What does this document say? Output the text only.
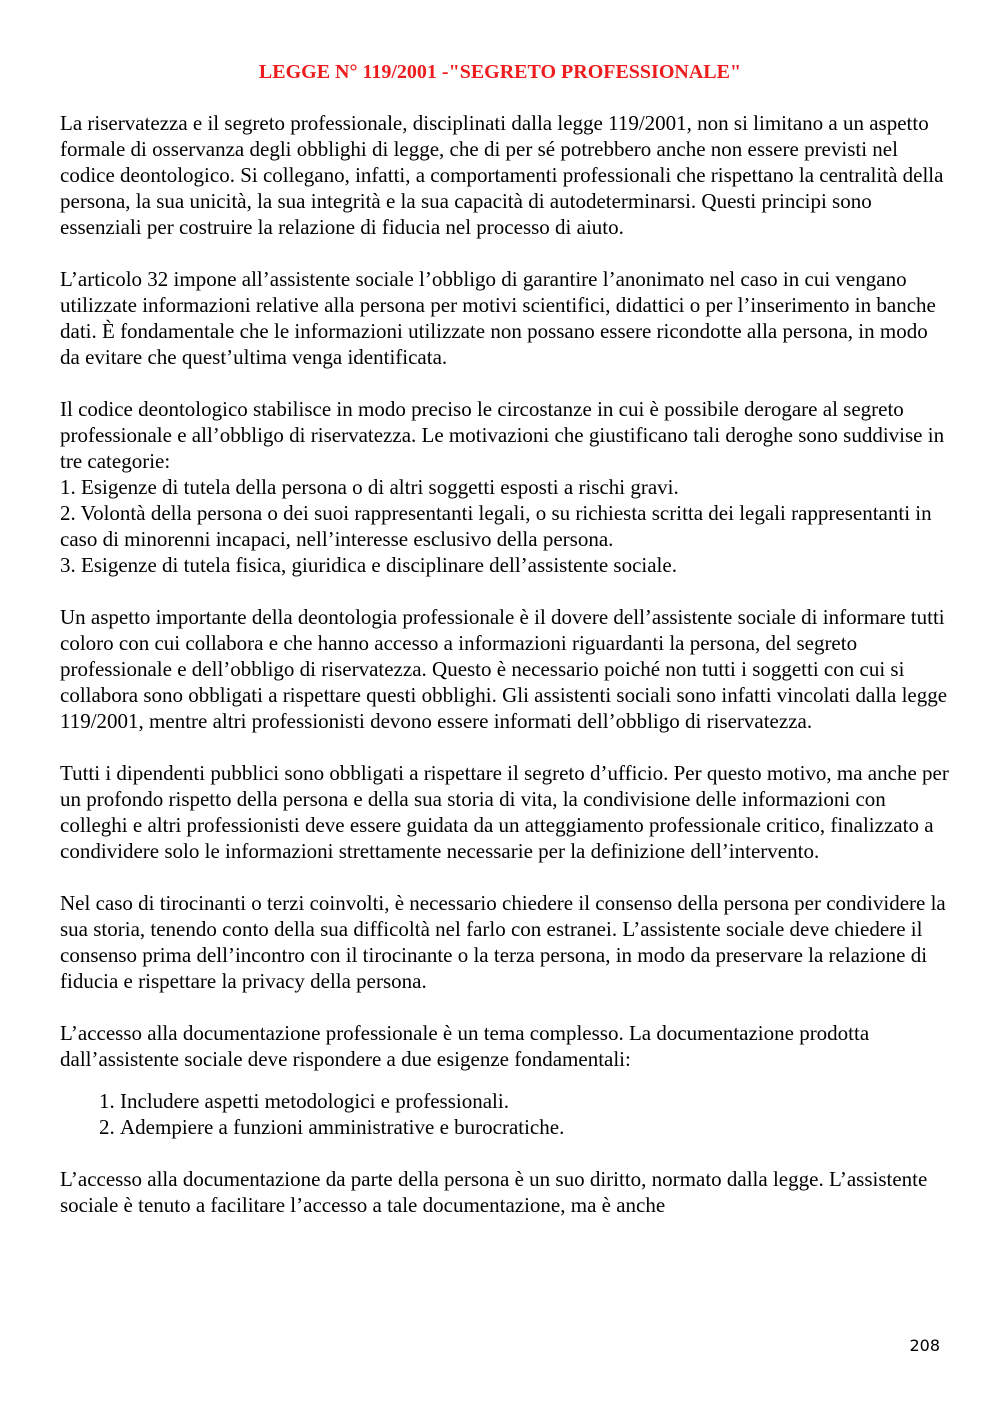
LEGGE N° 119/2001 -"SEGRETO PROFESSIONALE"

La riservatezza e il segreto professionale, disciplinati dalla legge 119/2001, non si limitano a un aspetto formale di osservanza degli obblighi di legge, che di per sé potrebbero anche non essere previsti nel codice deontologico. Si collegano, infatti, a comportamenti professionali che rispettano la centralità della persona, la sua unicità, la sua integrità e la sua capacità di autodeterminarsi. Questi principi sono essenziali per costruire la relazione di fiducia nel processo di aiuto.

L’articolo 32 impone all’assistente sociale l’obbligo di garantire l’anonimato nel caso in cui vengano utilizzate informazioni relative alla persona per motivi scientifici, didattici o per l’inserimento in banche dati. È fondamentale che le informazioni utilizzate non possano essere ricondotte alla persona, in modo da evitare che quest’ultima venga identificata.

Il codice deontologico stabilisce in modo preciso le circostanze in cui è possibile derogare al segreto professionale e all’obbligo di riservatezza. Le motivazioni che giustificano tali deroghe sono suddivise in tre categorie:

1. Esigenze di tutela della persona o di altri soggetti esposti a rischi gravi.

2. Volontà della persona o dei suoi rappresentanti legali, o su richiesta scritta dei legali rappresentanti in caso di minorenni incapaci, nell’interesse esclusivo della persona.

3. Esigenze di tutela fisica, giuridica e disciplinare dell’assistente sociale.

Un aspetto importante della deontologia professionale è il dovere dell’assistente sociale di informare tutti coloro con cui collabora e che hanno accesso a informazioni riguardanti la persona, del segreto professionale e dell’obbligo di riservatezza. Questo è necessario poiché non tutti i soggetti con cui si collabora sono obbligati a rispettare questi obblighi. Gli assistenti sociali sono infatti vincolati dalla legge 119/2001, mentre altri professionisti devono essere informati dell’obbligo di riservatezza.

Tutti i dipendenti pubblici sono obbligati a rispettare il segreto d’ufficio. Per questo motivo, ma anche per un profondo rispetto della persona e della sua storia di vita, la condivisione delle informazioni con colleghi e altri professionisti deve essere guidata da un atteggiamento professionale critico, finalizzato a condividere solo le informazioni strettamente necessarie per la definizione dell’intervento.

Nel caso di tirocinanti o terzi coinvolti, è necessario chiedere il consenso della persona per condividere la sua storia, tenendo conto della sua difficoltà nel farlo con estranei. L’assistente sociale deve chiedere il consenso prima dell’incontro con il tirocinante o la terza persona, in modo da preservare la relazione di fiducia e rispettare la privacy della persona.

L’accesso alla documentazione professionale è un tema complesso. La documentazione prodotta dall’assistente sociale deve rispondere a due esigenze fondamentali:

1. Includere aspetti metodologici e professionali.
2. Adempiere a funzioni amministrative e burocratiche.

L’accesso alla documentazione da parte della persona è un suo diritto, normato dalla legge. L’assistente sociale è tenuto a facilitare l’accesso a tale documentazione, ma è anche

208
